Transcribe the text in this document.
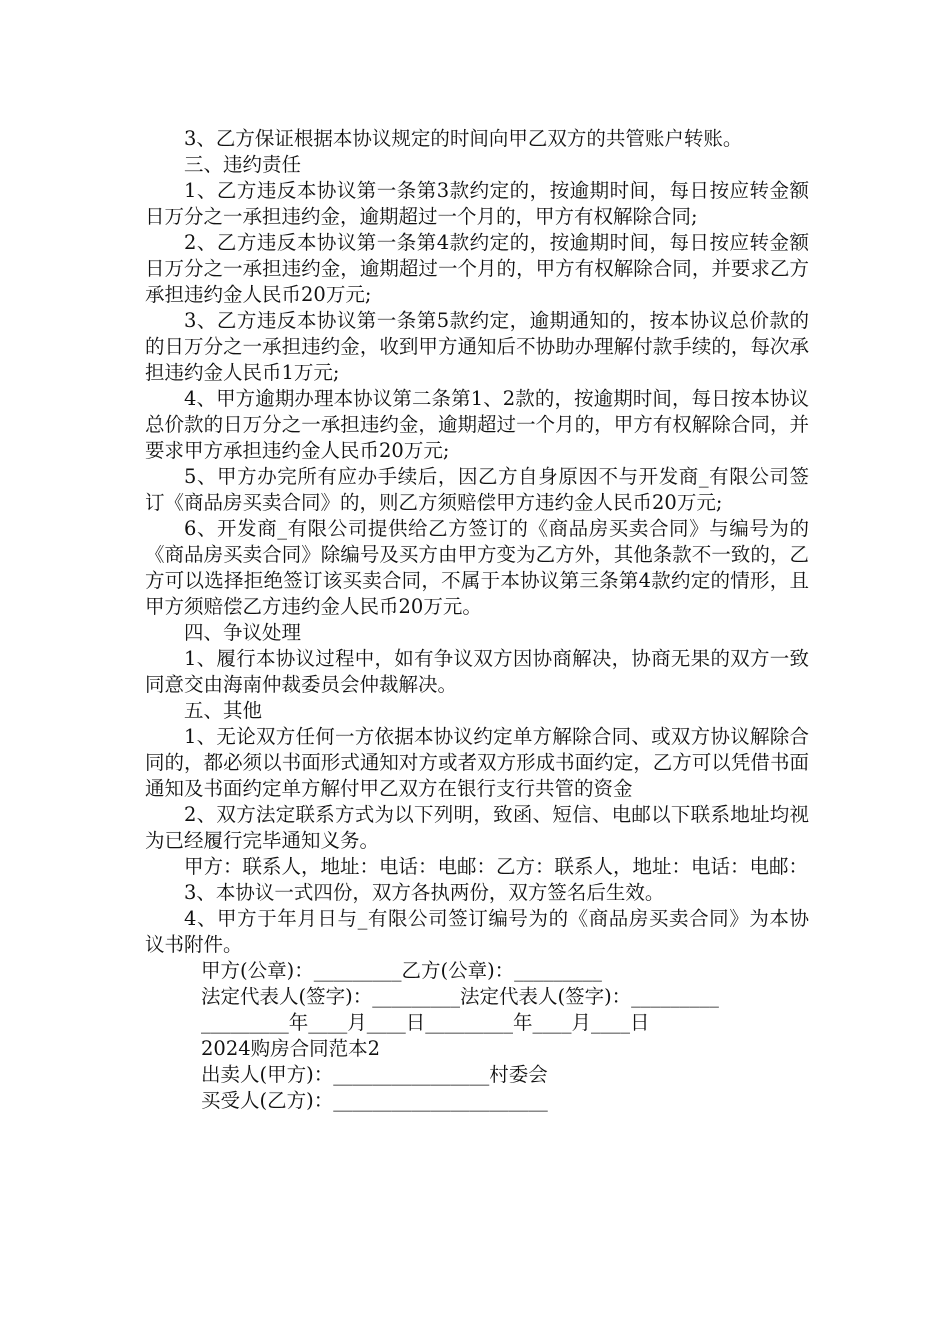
3、乙方保证根据本协议规定的时间向甲乙双方的共管账户转账。

三、违约责任

1、乙方违反本协议第一条第3款约定的，按逾期时间，每日按应转金额日万分之一承担违约金，逾期超过一个月的，甲方有权解除合同;

2、乙方违反本协议第一条第4款约定的，按逾期时间，每日按应转金额日万分之一承担违约金，逾期超过一个月的，甲方有权解除合同，并要求乙方承担违约金人民币20万元;

3、乙方违反本协议第一条第5款约定，逾期通知的，按本协议总价款的的日万分之一承担违约金，收到甲方通知后不协助办理解付款手续的，每次承担违约金人民币1万元;

4、甲方逾期办理本协议第二条第1、2款的，按逾期时间，每日按本协议总价款的日万分之一承担违约金，逾期超过一个月的，甲方有权解除合同，并要求甲方承担违约金人民币20万元;

5、甲方办完所有应办手续后，因乙方自身原因不与开发商_有限公司签订《商品房买卖合同》的，则乙方须赔偿甲方违约金人民币20万元;

6、开发商_有限公司提供给乙方签订的《商品房买卖合同》与编号为的《商品房买卖合同》除编号及买方由甲方变为乙方外，其他条款不一致的，乙方可以选择拒绝签订该买卖合同，不属于本协议第三条第4款约定的情形，且甲方须赔偿乙方违约金人民币20万元。

四、争议处理

1、履行本协议过程中，如有争议双方因协商解决，协商无果的双方一致同意交由海南仲裁委员会仲裁解决。

五、其他

1、无论双方任何一方依据本协议约定单方解除合同、或双方协议解除合同的，都必须以书面形式通知对方或者双方形成书面约定，乙方可以凭借书面通知及书面约定单方解付甲乙双方在银行支行共管的资金

2、双方法定联系方式为以下列明，致函、短信、电邮以下联系地址均视为已经履行完毕通知义务。

甲方：联系人，地址：电话：电邮：乙方：联系人，地址：电话：电邮：

3、本协议一式四份，双方各执两份，双方签名后生效。

4、甲方于年月日与_有限公司签订编号为的《商品房买卖合同》为本协议书附件。

甲方(公章)：_________乙方(公章)：_________

法定代表人(签字)：_________法定代表人(签字)：_________

_________年____月____日_________年____月____日

2024购房合同范本2

出卖人(甲方)：________________村委会

买受人(乙方)：______________________
